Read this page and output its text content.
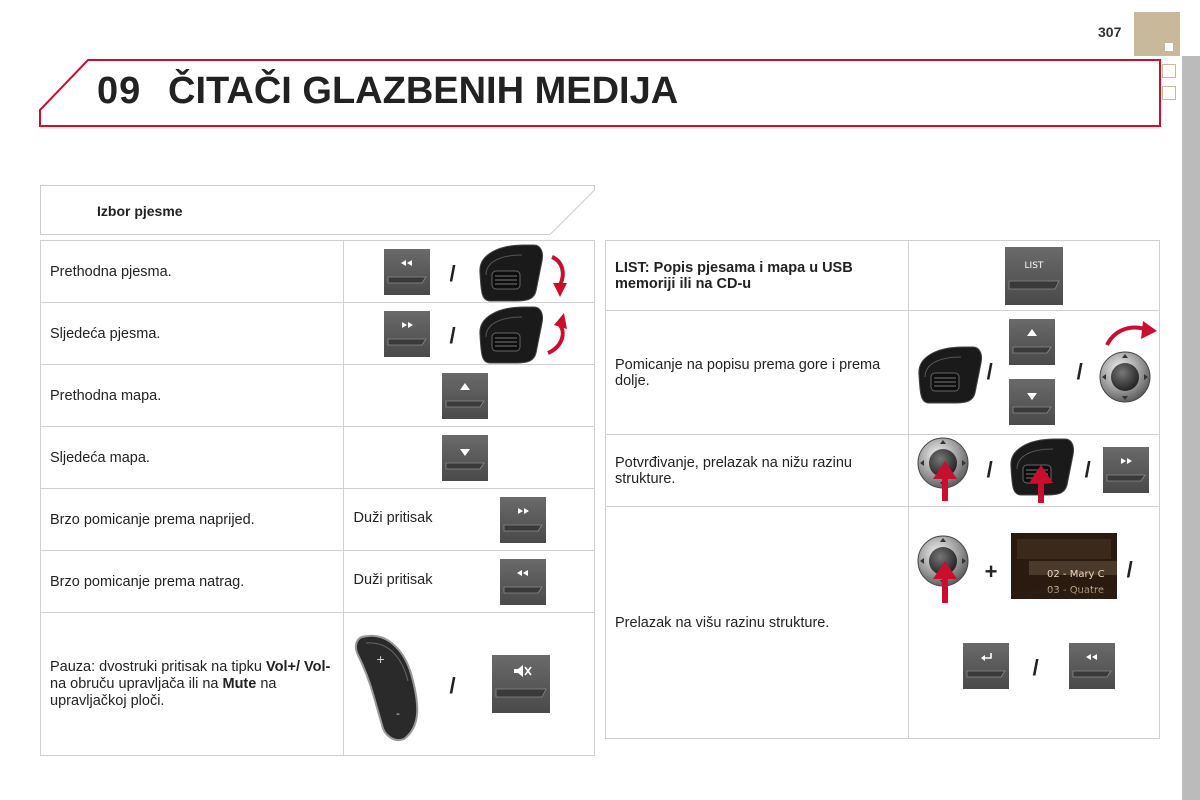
307
09 ČITAČI GLAZBENIH MEDIJA
Izbor pjesme
Prethodna pjesma.	/

Sljedeća pjesma.	/

Prethodna mapa.	

Sljedeća mapa.	

Brzo pomicanje prema naprijed.	Duži pritisak

Brzo pomicanje prema natrag.	Duži pritisak

Pauza: dvostruki pritisak na tipku Vol+/ Vol- na obruču upravljača ili na Mute na upravljačkoj ploči.	+
-
/
LIST: Popis pjesama i mapa u USB memoriji ili na CD-u	LIST

Pomicanje na popisu prema gore i prema dolje.	/ /

Potvrđivanje, prelazak na nižu razinu strukture.	/ /

Prelazak na višu razinu strukture.	+ 02 - Mary C
03 - Quatre
/
/
